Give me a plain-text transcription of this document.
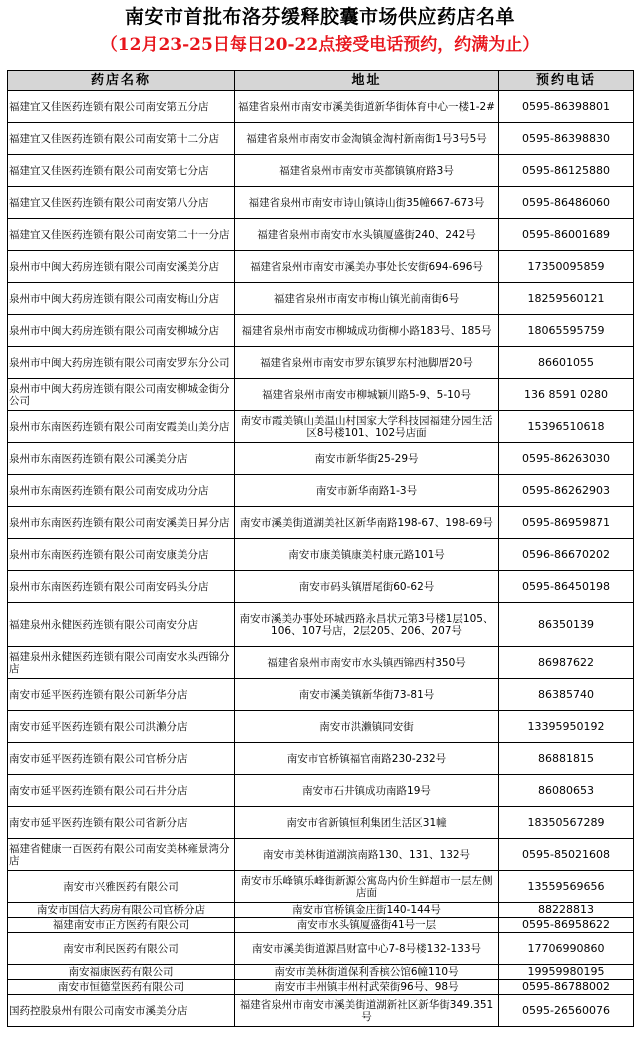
南安市首批布洛芬缓释胶囊市场供应药店名单
（12月23-25日每日20-22点接受电话预约，约满为止）
药店名称	地址	预约电话
福建宜又佳医药连锁有限公司南安第五分店	福建省泉州市南安市溪美街道新华街体育中心一楼1-2#	0595-86398801
福建宜又佳医药连锁有限公司南安第十二分店	福建省泉州市南安市金淘镇金淘村新南街1号3号5号	0595-86398830
福建宜又佳医药连锁有限公司南安第七分店	福建省泉州市南安市英都镇镇府路3号	0595-86125880
福建宜又佳医药连锁有限公司南安第八分店	福建省泉州市南安市诗山镇诗山街35幢667-673号	0595-86486060
福建宜又佳医药连锁有限公司南安第二十一分店	福建省泉州市南安市水头镇厦盛街240、242号	0595-86001689
泉州市中闽大药房连锁有限公司南安溪美分店	福建省泉州市南安市溪美办事处长安街694-696号	17350095859
泉州市中闽大药房连锁有限公司南安梅山分店	福建省泉州市南安市梅山镇光前南街6号	18259560121
泉州市中闽大药房连锁有限公司南安柳城分店	福建省泉州市南安市柳城成功街柳小路183号、185号	18065595759
泉州市中闽大药房连锁有限公司南安罗东分公司	福建省泉州市南安市罗东镇罗东村池脚厝20号	86601055
泉州市中闽大药房连锁有限公司南安柳城金街分公司	福建省泉州市南安市柳城颖川路5-9、5-10号	136 8591 0280
泉州市东南医药连锁有限公司南安霞美山美分店	南安市霞美镇山美温山村国家大学科技园福建分园生活区8号楼101、102号店面	15396510618
泉州市东南医药连锁有限公司溪美分店	南安市新华街25-29号	0595-86263030
泉州市东南医药连锁有限公司南安成功分店	南安市新华南路1-3号	0595-86262903
泉州市东南医药连锁有限公司南安溪美日昇分店	南安市溪美街道湖美社区新华南路198-67、198-69号	0595-86959871
泉州市东南医药连锁有限公司南安康美分店	南安市康美镇康美村康元路101号	0596-86670202
泉州市东南医药连锁有限公司南安码头分店	南安市码头镇厝尾街60-62号	0595-86450198
福建泉州永健医药连锁有限公司南安分店	南安市溪美办事处环城西路永昌状元第3号楼1层105、106、107号店，2层205、206、207号	86350139
福建泉州永健医药连锁有限公司南安水头西锦分店	福建省泉州市南安市水头镇西锦西村350号	86987622
南安市延平医药连锁有限公司新华分店	南安市溪美镇新华街73-81号	86385740
南安市延平医药连锁有限公司洪濑分店	南安市洪濑镇同安街	13395950192
南安市延平医药连锁有限公司官桥分店	南安市官桥镇福官南路230-232号	86881815
南安市延平医药连锁有限公司石井分店	南安市石井镇成功南路19号	86080653
南安市延平医药连锁有限公司省新分店	南安市省新镇恒利集团生活区31幢	18350567289
福建省健康一百医药有限公司南安美林雍景湾分店	南安市美林街道湖滨南路130、131、132号	0595-85021608
南安市兴雅医药有限公司	南安市乐峰镇乐峰街新源公寓岛内价生鲜超市一层左侧店面	13559569656
南安市国信大药房有限公司官桥分店	南安市官桥镇金庄街140-144号	88228813
福建南安市正方医药有限公司	南安市水头镇厦盛街41号一层	0595-86958622
南安市利民医药有限公司	南安市溪美街道源昌财富中心7-8号楼132-133号	17706990860
南安福康医药有限公司	南安市美林街道保利香槟公馆6幢110号	19959980195
南安市恒德堂医药有限公司	南安市丰州镇丰州村武荣街96号、98号	0595-86788002
国药控股泉州有限公司南安市溪美分店	福建省泉州市南安市溪美街道湖新社区新华街349.351号	0595-26560076
